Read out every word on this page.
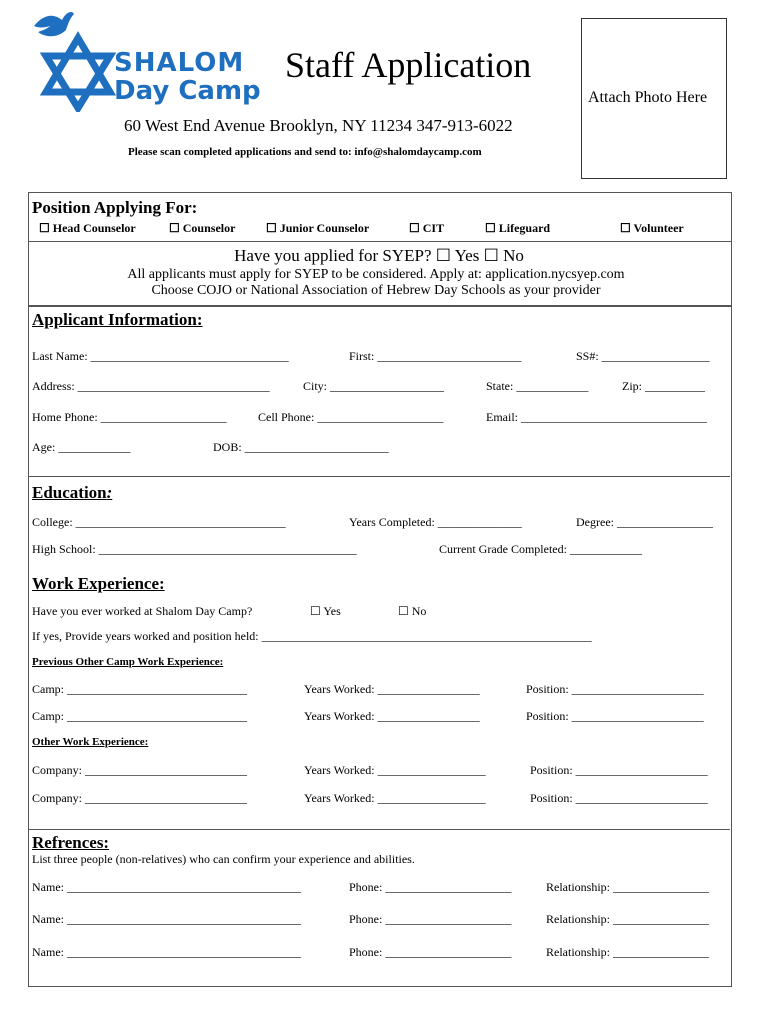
SHALOM
Day Camp
Staff Application
60 West End Avenue Brooklyn, NY 11234 347-913-6022
Please scan completed applications and send to: info@shalomdaycamp.com
Attach Photo Here
Position Applying For:
☐ Head Counselor	☐ Counselor	☐ Junior Counselor	☐ CIT	☐ Lifeguard	☐ Volunteer
Have you applied for SYEP? ☐ Yes ☐ No
All applicants must apply for SYEP to be considered. Apply at: application.nycsyep.com
Choose COJO or National Association of Hebrew Day Schools as your provider
Applicant Information:
Last Name: _________________________________	First: ________________________	SS#: __________________
Address: ________________________________	City: ___________________	State: ____________	Zip: __________
Home Phone: _____________________	Cell Phone: _____________________	Email: _______________________________
Age: ____________	DOB: ________________________
Education:
College: ___________________________________	Years Completed: ______________	Degree: ________________
High School: ___________________________________________	Current Grade Completed: ____________
Work Experience:
Have you ever worked at Shalom Day Camp?	☐ Yes	☐ No
If yes, Provide years worked and position held: _______________________________________________________
Previous Other Camp Work Experience:
Camp: ______________________________	Years Worked: _________________	Position: ______________________
Camp: ______________________________	Years Worked: _________________	Position: ______________________
Other Work Experience:
Company: ___________________________	Years Worked: __________________	Position: ______________________
Company: ___________________________	Years Worked: __________________	Position: ______________________
Refrences:
List three people (non-relatives) who can confirm your experience and abilities.
Name: _______________________________________	Phone: _____________________	Relationship: ________________
Name: _______________________________________	Phone: _____________________	Relationship: ________________
Name: _______________________________________	Phone: _____________________	Relationship: ________________
